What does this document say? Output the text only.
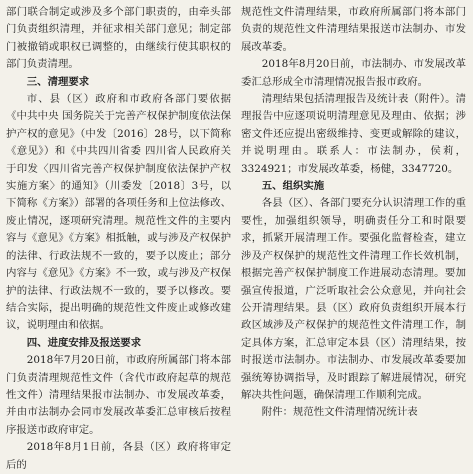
部门联合制定或涉及多个部门职责的，由牵头部门负责组织清理，并征求相关部门意见；制定部门被撤销或职权已调整的，由继续行使其职权的部门负责清理。

三、清理要求

市、县（区）政府和市政府各部门要依据《中共中央 国务院关于完善产权保护制度依法保护产权的意见》（中发〔2016〕28号，以下简称《意见》）和《中共四川省委 四川省人民政府关于印发〈四川省完善产权保护制度依法保护产权实施方案〉的通知》（川委发〔2018〕3号，以下简称《方案》）部署的各项任务和上位法修改、废止情况，逐项研究清理。规范性文件的主要内容与《意见》《方案》相抵触，或与涉及产权保护的法律、行政法规不一致的，要予以废止；部分内容与《意见》《方案》不一致，或与涉及产权保护的法律、行政法规不一致的，要予以修改。要结合实际，提出明确的规范性文件废止或修改建议，说明理由和依据。

四、进度安排及报送要求

2018年7月20日前，市政府所属部门将本部门负责清理规范性文件（含代市政府起草的规范性文件）清理结果报市法制办、市发展改革委，并由市法制办会同市发展改革委汇总审核后按程序报送市政府审定。

2018年8月1日前，各县（区）政府将审定后的

规范性文件清理结果，市政府所属部门将本部门负责的规范性文件清理结果报送市法制办、市发展改革委。

2018年8月20日前，市法制办、市发展改革委汇总形成全市清理情况报告报市政府。

清理结果包括清理报告及统计表（附件）。清理报告中应逐项说明清理意见及理由、依据；涉密文件还应提出密级维持、变更或解除的建议，并说明理由。联系人：市法制办，侯莉，3324921；市发展改革委，杨健，3347720。

五、组织实施

各县（区）、各部门要充分认识清理工作的重要性，加强组织领导，明确责任分工和时限要求，抓紧开展清理工作。要强化监督检查，建立涉及产权保护的规范性文件清理工作长效机制，根据完善产权保护制度工作进展动态清理。要加强宣传报道，广泛听取社会公众意见，并向社会公开清理结果。县（区）政府负责组织开展本行政区域涉及产权保护的规范性文件清理工作，制定具体方案，汇总审定本县（区）清理结果，按时报送市法制办。市法制办、市发展改革委要加强统筹协调指导，及时跟踪了解进展情况，研究解决共性问题，确保清理工作顺利完成。

附件：规范性文件清理情况统计表
